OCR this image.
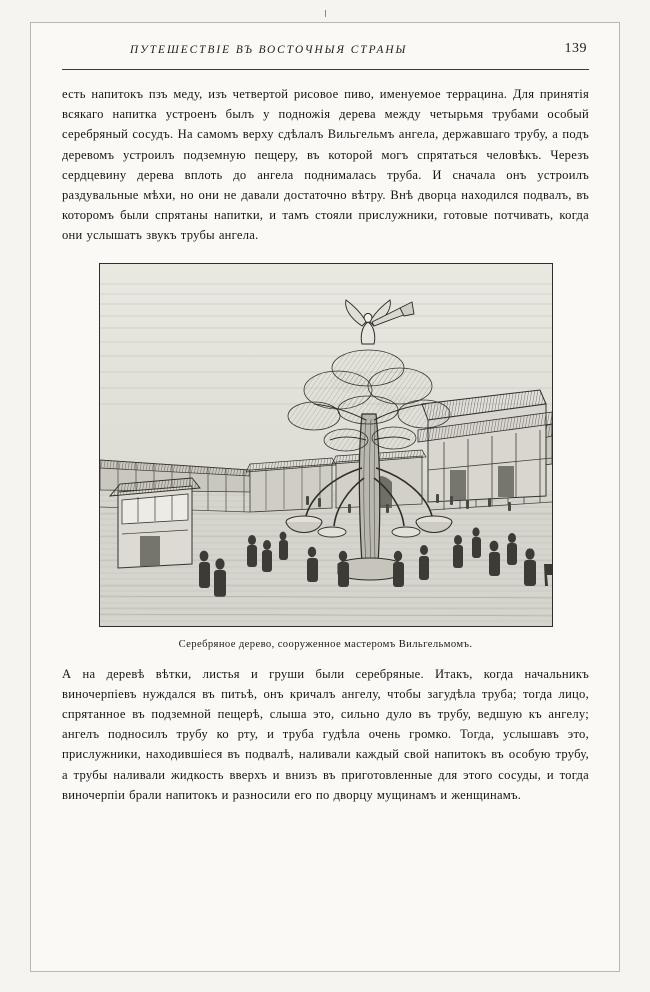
ПУТЕШЕСТВІЕ ВЪ ВОСТОЧНЫЯ СТРАНЫ	139

есть напитокъ пзъ меду, изъ четвертой рисовое пиво, именуемое террацина. Для принятія всякаго напитка устроенъ былъ у подножія дерева между четырьмя трубами особый серебряный сосудъ. На самомъ верху сдѣлалъ Вильгельмъ ангела, державшаго трубу, а подъ деревомъ устроилъ подземную пещеру, въ которой могъ спрятаться человѣкъ. Черезъ сердцевину дерева вплоть до ангела поднималась труба. И сначала онъ устроилъ раздувальные мѣхи, но они не давали достаточно вѣтру. Внѣ дворца находился подвалъ, въ которомъ были спрятаны напитки, и тамъ стояли прислужники, готовые потчивать, когда они услышатъ звукъ трубы ангела.

Серебряное дерево, сооруженное мастеромъ Вильгельмомъ.

А на деревѣ вѣтки, листья и груши были серебряные. Итакъ, когда начальникъ виночерпіевъ нуждался въ питьѣ, онъ кричалъ ангелу, чтобы загудѣла труба; тогда лицо, спрятанное въ подземной пещерѣ, слыша это, сильно дуло въ трубу, ведшую къ ангелу; ангелъ подносилъ трубу ко рту, и труба гудѣла очень громко. Тогда, услышавъ это, прислужники, находившіеся въ подвалѣ, наливали каждый свой напитокъ въ особую трубу, а трубы наливали жидкость вверхъ и внизъ въ приготовленные для этого сосуды, и тогда виночерпіи брали напитокъ и разносили его по дворцу мущинамъ и женщинамъ.
